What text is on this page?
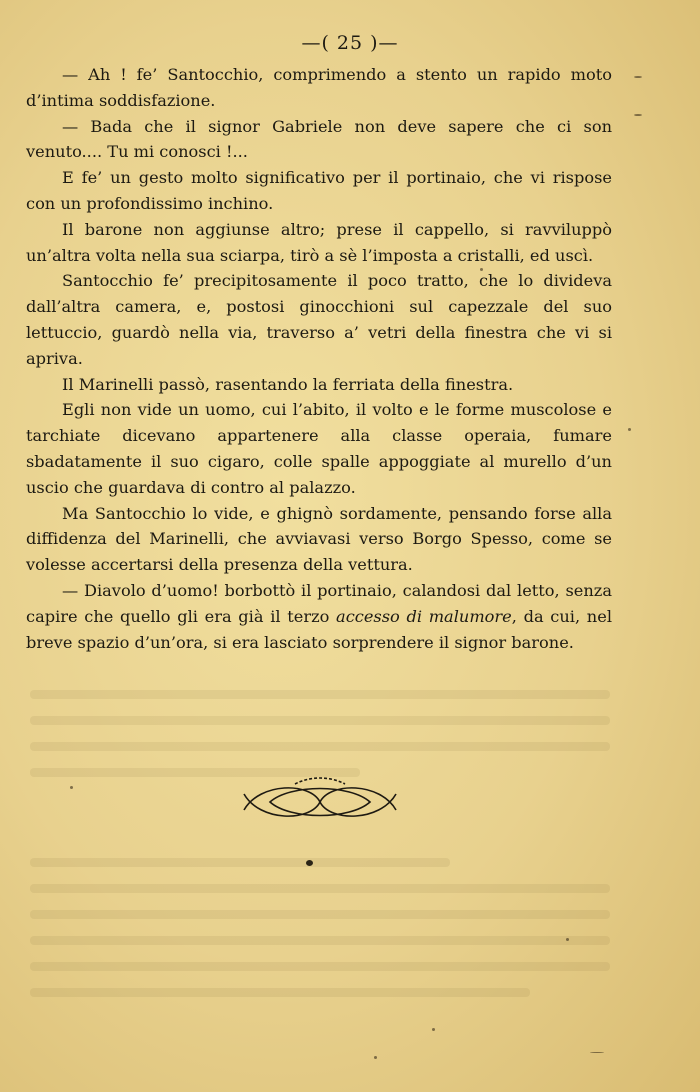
—( 25 )—

— Ah ! fe’ Santocchio, comprimendo a stento un rapido moto d’intima soddisfazione.

— Bada che il signor Gabriele non deve sapere che ci son venuto.... Tu mi conosci !...

E fe’ un gesto molto significativo per il portinaio, che vi rispose con un profondissimo inchino.

Il barone non aggiunse altro; prese il cappello, si ravviluppò un’altra volta nella sua sciarpa, tirò a sè l’imposta a cristalli, ed uscì.

Santocchio fe’ precipitosamente il poco tratto, che lo divideva dall’altra camera, e, postosi ginocchioni sul capezzale del suo lettuccio, guardò nella via, traverso a’ vetri della finestra che vi si apriva.

Il Marinelli passò, rasentando la ferriata della finestra.

Egli non vide un uomo, cui l’abito, il volto e le forme muscolose e tarchiate dicevano appartenere alla classe operaia, fumare sbadatamente il suo cigaro, colle spalle appoggiate al murello d’un uscio che guardava di contro al palazzo.

Ma Santocchio lo vide, e ghignò sordamente, pensando forse alla diffidenza del Marinelli, che avviavasi verso Borgo Spesso, come se volesse accertarsi della presenza della vettura.

— Diavolo d’uomo! borbottò il portinaio, calandosi dal letto, senza capire che quello gli era già il terzo accesso di malumore, da cui, nel breve spazio d’un’ora, si era lasciato sorprendere il signor barone.
